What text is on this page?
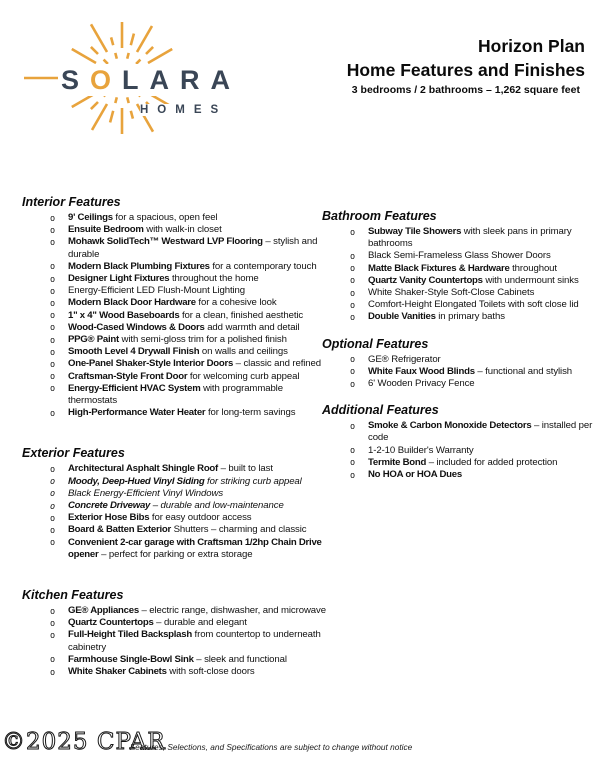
SOLARA
HOMES
Horizon Plan
Home Features and Finishes
3 bedrooms / 2 bathrooms – 1,262 square feet
Interior Features
o 9' Ceilings for a spacious, open feel
o Ensuite Bedroom with walk-in closet
o Mohawk SolidTech™ Westward LVP Flooring – stylish and durable
o Modern Black Plumbing Fixtures for a contemporary touch
o Designer Light Fixtures throughout the home
o Energy-Efficient LED Flush-Mount Lighting
o Modern Black Door Hardware for a cohesive look
o 1" x 4" Wood Baseboards for a clean, finished aesthetic
o Wood-Cased Windows & Doors add warmth and detail
o PPG® Paint with semi-gloss trim for a polished finish
o Smooth Level 4 Drywall Finish on walls and ceilings
o One-Panel Shaker-Style Interior Doors – classic and refined
o Craftsman-Style Front Door for welcoming curb appeal
o Energy-Efficient HVAC System with programmable thermostats
o High-Performance Water Heater for long-term savings
Exterior Features
o Architectural Asphalt Shingle Roof – built to last
o Moody, Deep-Hued Vinyl Siding for striking curb appeal
o Black Energy-Efficient Vinyl Windows
o Concrete Driveway – durable and low-maintenance
o Exterior Hose Bibs for easy outdoor access
o Board & Batten Exterior Shutters – charming and classic
o Convenient 2-car garage with Craftsman 1/2hp Chain Drive opener – perfect for parking or extra storage
Kitchen Features
o GE® Appliances – electric range, dishwasher, and microwave
o Quartz Countertops – durable and elegant
o Full-Height Tiled Backsplash from countertop to underneath cabinetry
o Farmhouse Single-Bowl Sink – sleek and functional
o White Shaker Cabinets with soft-close doors
Bathroom Features
o Subway Tile Showers with sleek pans in primary bathrooms
o Black Semi-Frameless Glass Shower Doors
o Matte Black Fixtures & Hardware throughout
o Quartz Vanity Countertops with undermount sinks
o White Shaker-Style Soft-Close Cabinets
o Comfort-Height Elongated Toilets with soft close lid
o Double Vanities in primary baths
Optional Features
o GE® Refrigerator
o White Faux Wood Blinds – functional and stylish
o 6' Wooden Privacy Fence
Additional Features
o Smoke & Carbon Monoxide Detectors – installed per code
o 1-2-10 Builder's Warranty
o Termite Bond – included for added protection
o No HOA or HOA Dues
©2025 CPAR
Features, Selections, and Specifications are subject to change without notice
